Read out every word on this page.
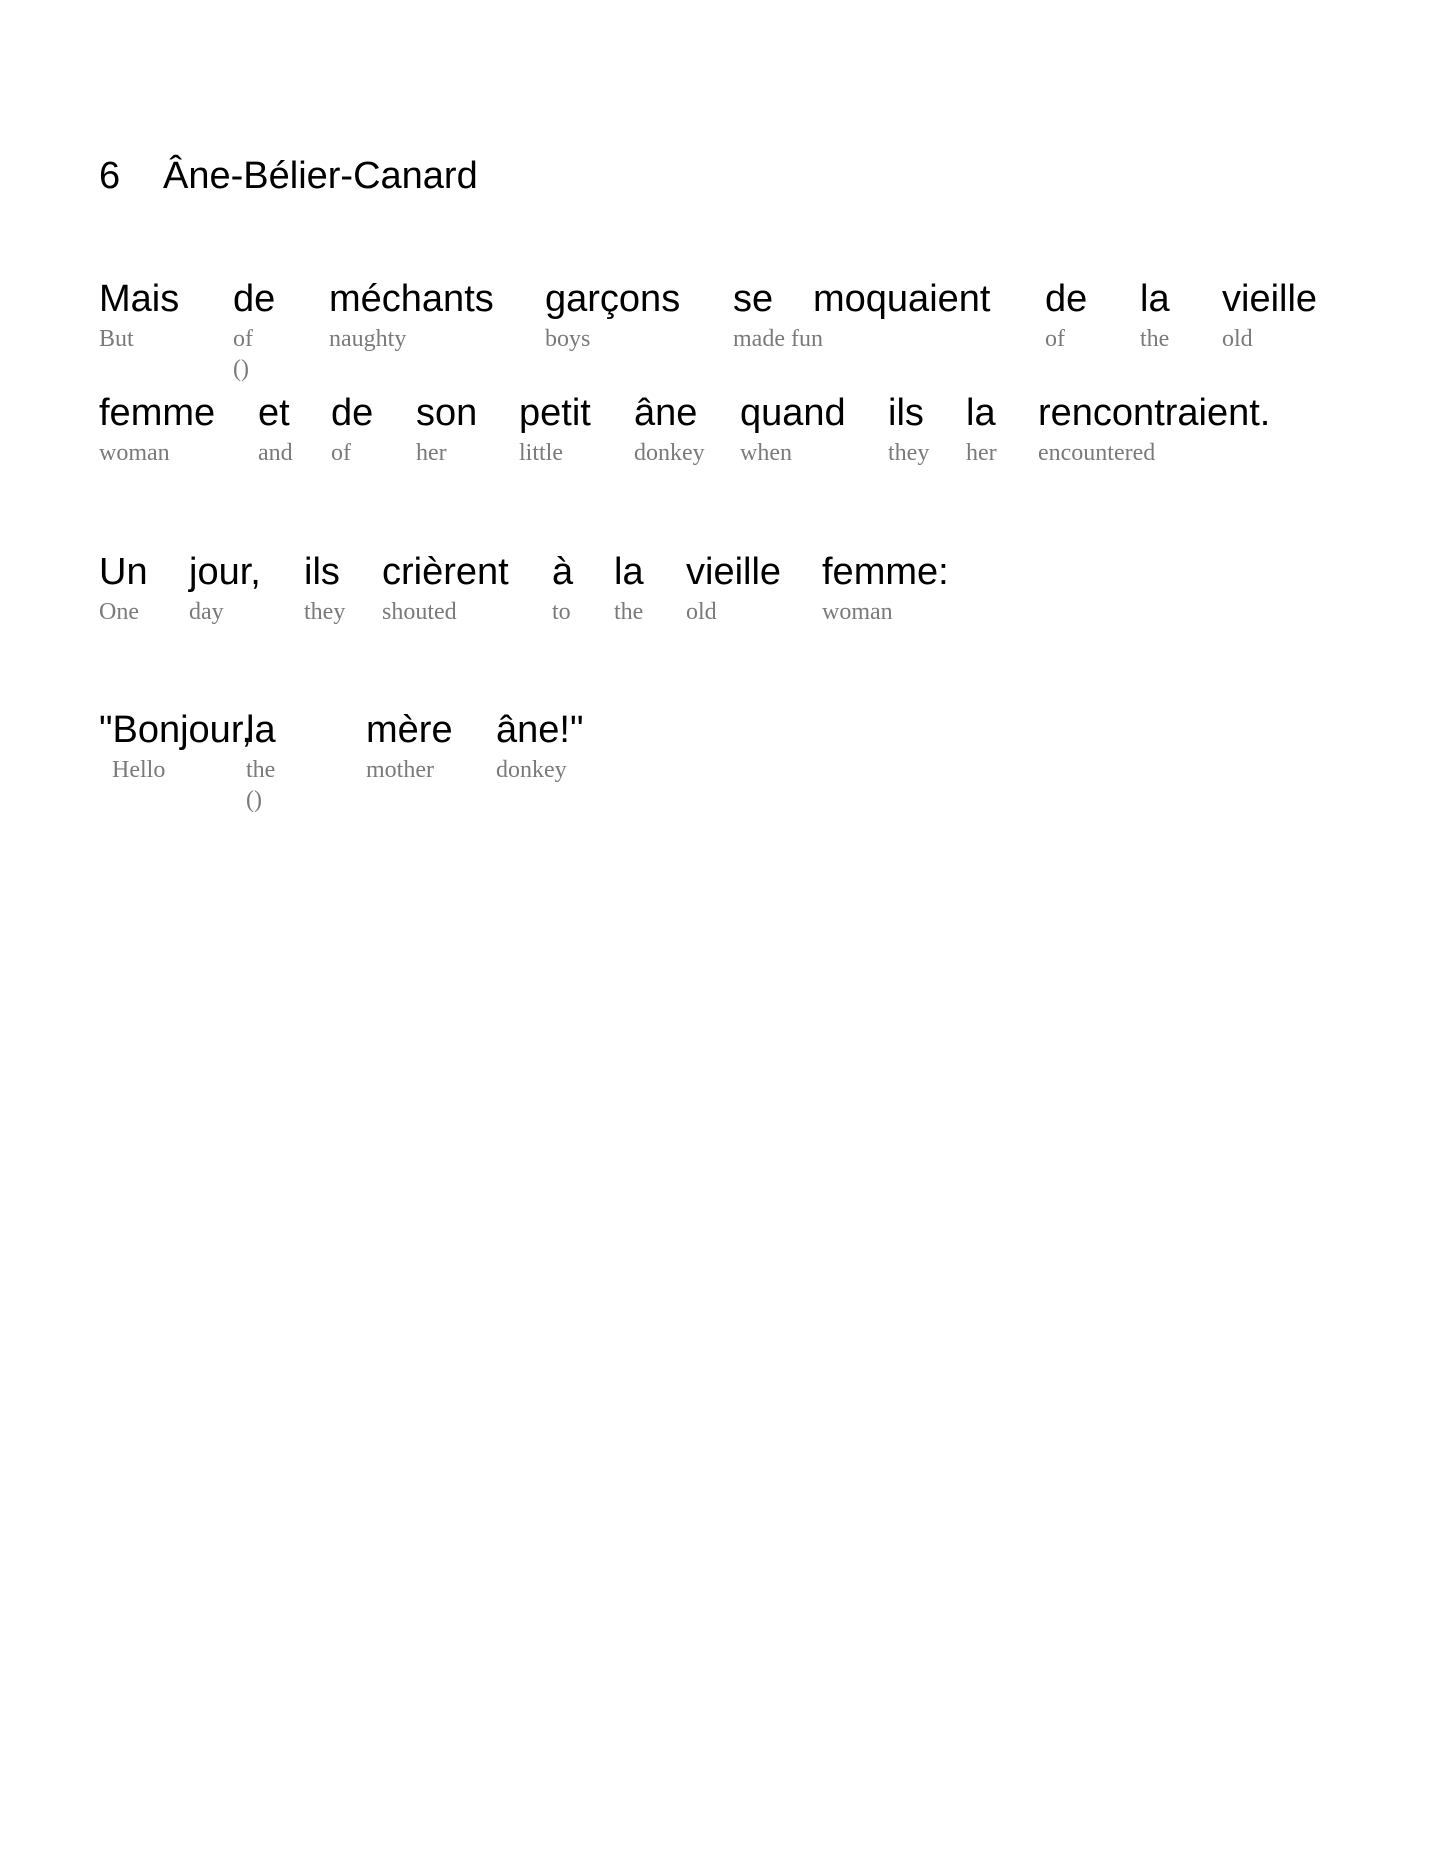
6 Âne-Bélier-Canard
Mais
But
de
of
()
méchants
naughty
garçons
boys
se
made fun
moquaient
de
of
la
the
vieille
old
femme
woman
et
and
de
of
son
her
petit
little
âne
donkey
quand
when
ils
they
la
her
rencontraient.
encountered
Un
One
jour,
day
ils
they
crièrent
shouted
à
to
la
the
vieille
old
femme:
woman
"Bonjour,
Hello
la
the
()
mère
mother
âne!"
donkey
